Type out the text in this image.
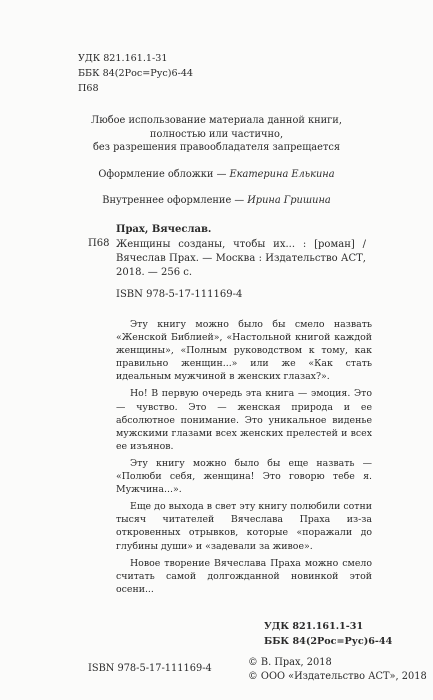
УДК 821.161.1-31
ББК 84(2Рос=Рус)6-44
П68
Любое использование материала данной книги,
полностью или частично,
без разрешения правообладателя запрещается
Оформление обложки — Екатерина Елькина
Внутреннее оформление — Ирина Гришина
Прах, Вячеслав.
П68 Женщины созданы, чтобы их... : [роман] / Вячеслав Прах. — Москва : Издательство АСТ, 2018. — 256 с.
ISBN 978-5-17-111169-4

Эту книгу можно было бы смело назвать «Женской Библией», «Настольной книгой каждой женщины», «Полным руководством к тому, как правильно женщин...» или же «Как стать идеальным мужчиной в женских глазах?».

Но! В первую очередь эта книга — эмоция. Это — чувство. Это — женская природа и ее абсолютное понимание. Это уникальное виденье мужскими глазами всех женских прелестей и всех ее изъянов.

Эту книгу можно было бы еще назвать — «Полюби себя, женщина! Это говорю тебе я. Мужчина...».

Еще до выхода в свет эту книгу полюбили сотни тысяч читателей Вячеслава Праха из-за откровенных отрывков, которые «поражали до глубины души» и «задевали за живое».

Новое творение Вячеслава Праха можно смело считать самой долгожданной новинкой этой осени...

УДК 821.161.1-31
ББК 84(2Рос=Рус)6-44
ISBN 978-5-17-111169-4
© В. Прах, 2018
© ООО «Издательство АСТ», 2018
